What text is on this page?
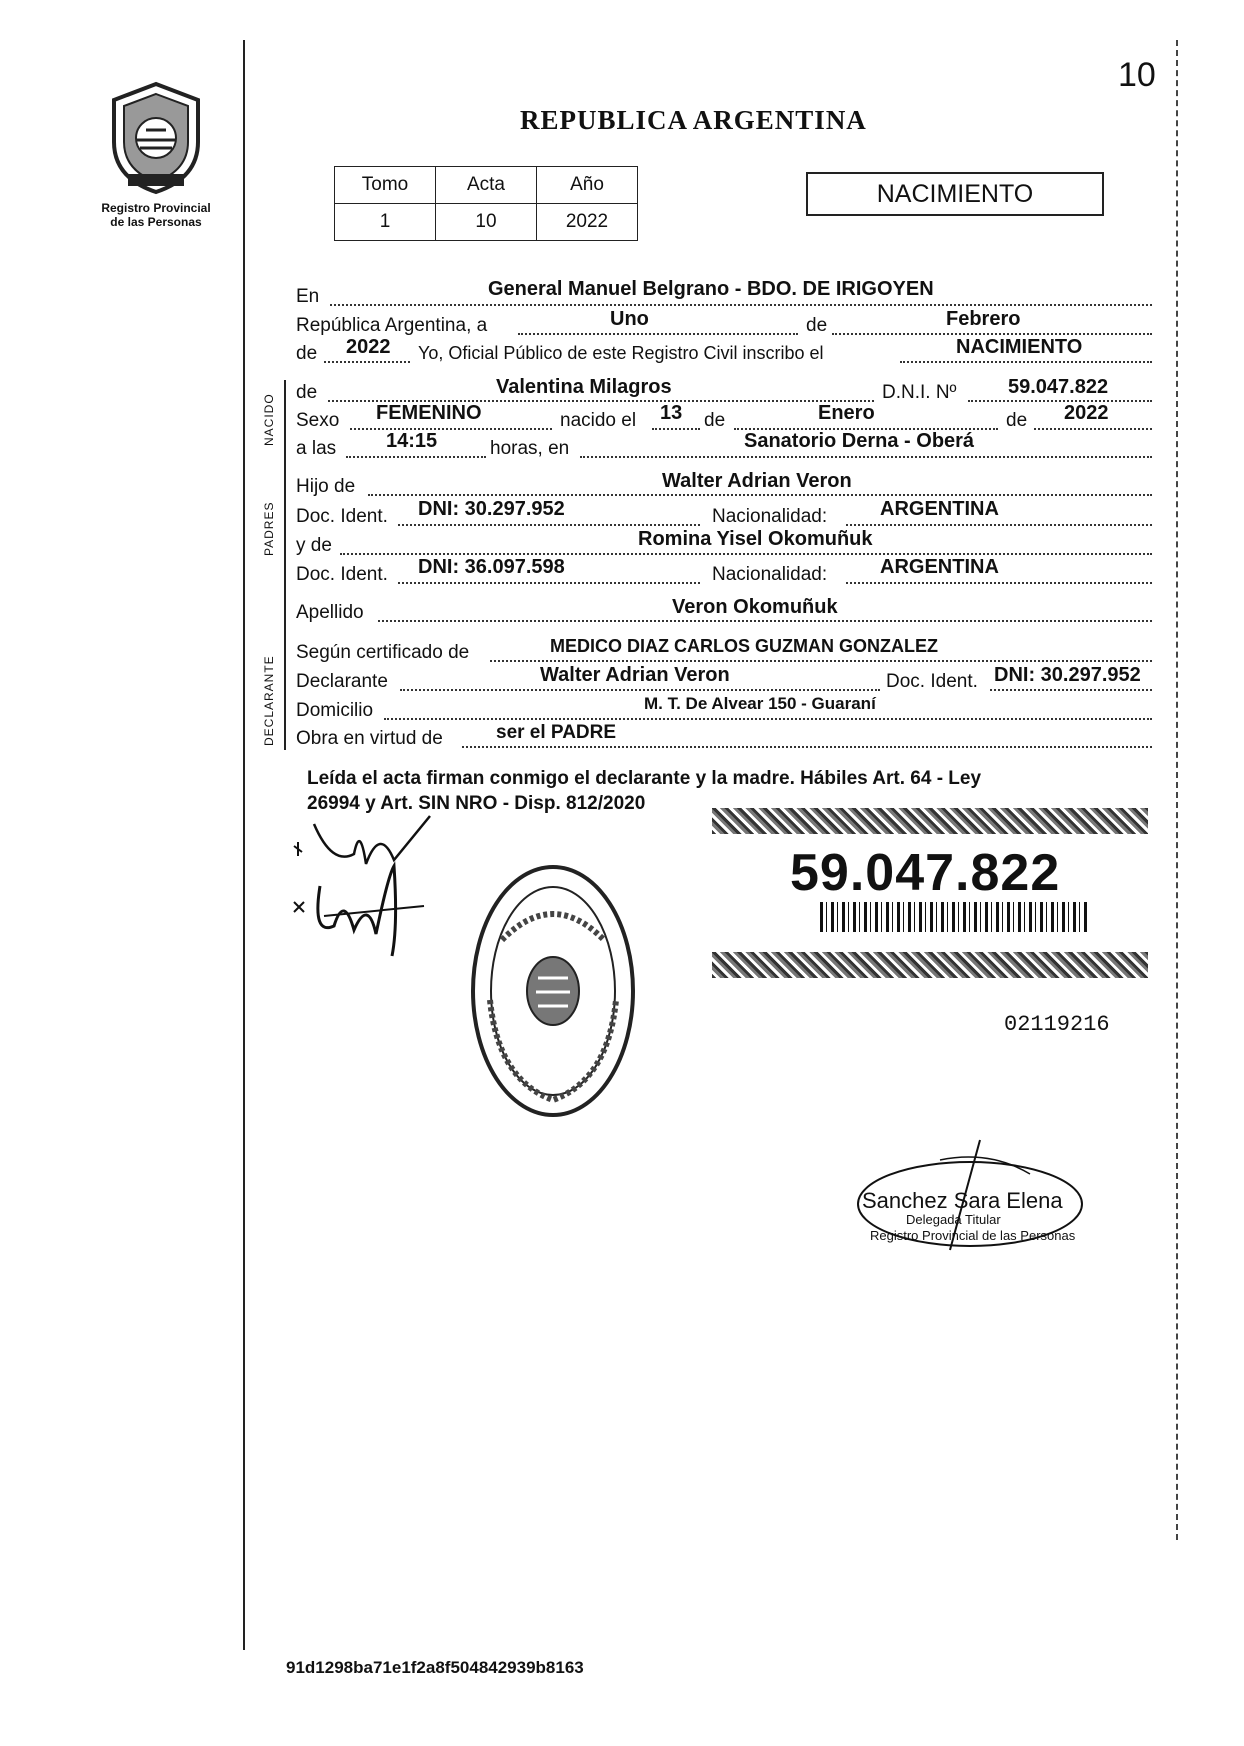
10
REPUBLICA ARGENTINA
Registro Provincial
de las Personas
Tomo	Acta	Año
1	10	2022
NACIMIENTO
NACIDO
PADRES
DECLARANTE
En	General Manuel Belgrano - BDO. DE IRIGOYEN
República Argentina, a	Uno	de	Febrero
de 2022 Yo, Oficial Público de este Registro Civil inscribo el	NACIMIENTO
de	Valentina Milagros	D.N.I. Nº	59.047.822
Sexo FEMENINO	nacido el 13 de	Enero	de 2022
a las 14:15	horas, en	Sanatorio Derna - Oberá
Hijo de	Walter Adrian Veron
Doc. Ident. DNI: 30.297.952	Nacionalidad:	ARGENTINA
y de	Romina Yisel Okomuñuk
Doc. Ident. DNI: 36.097.598	Nacionalidad:	ARGENTINA
Apellido	Veron Okomuñuk
Según certificado de	MEDICO DIAZ CARLOS GUZMAN GONZALEZ
Declarante	Walter Adrian Veron	Doc. Ident. DNI: 30.297.952
Domicilio	M. T. De Alvear 150 - Guaraní
Obra en virtud de	ser el PADRE
Leída el acta firman conmigo el declarante y la madre. Hábiles Art. 64 - Ley
26994 y Art. SIN NRO - Disp. 812/2020
59.047.822
02119216
Sanchez Sara Elena
Delegada Titular
Registro Provincial de las Personas
91d1298ba71e1f2a8f504842939b8163
